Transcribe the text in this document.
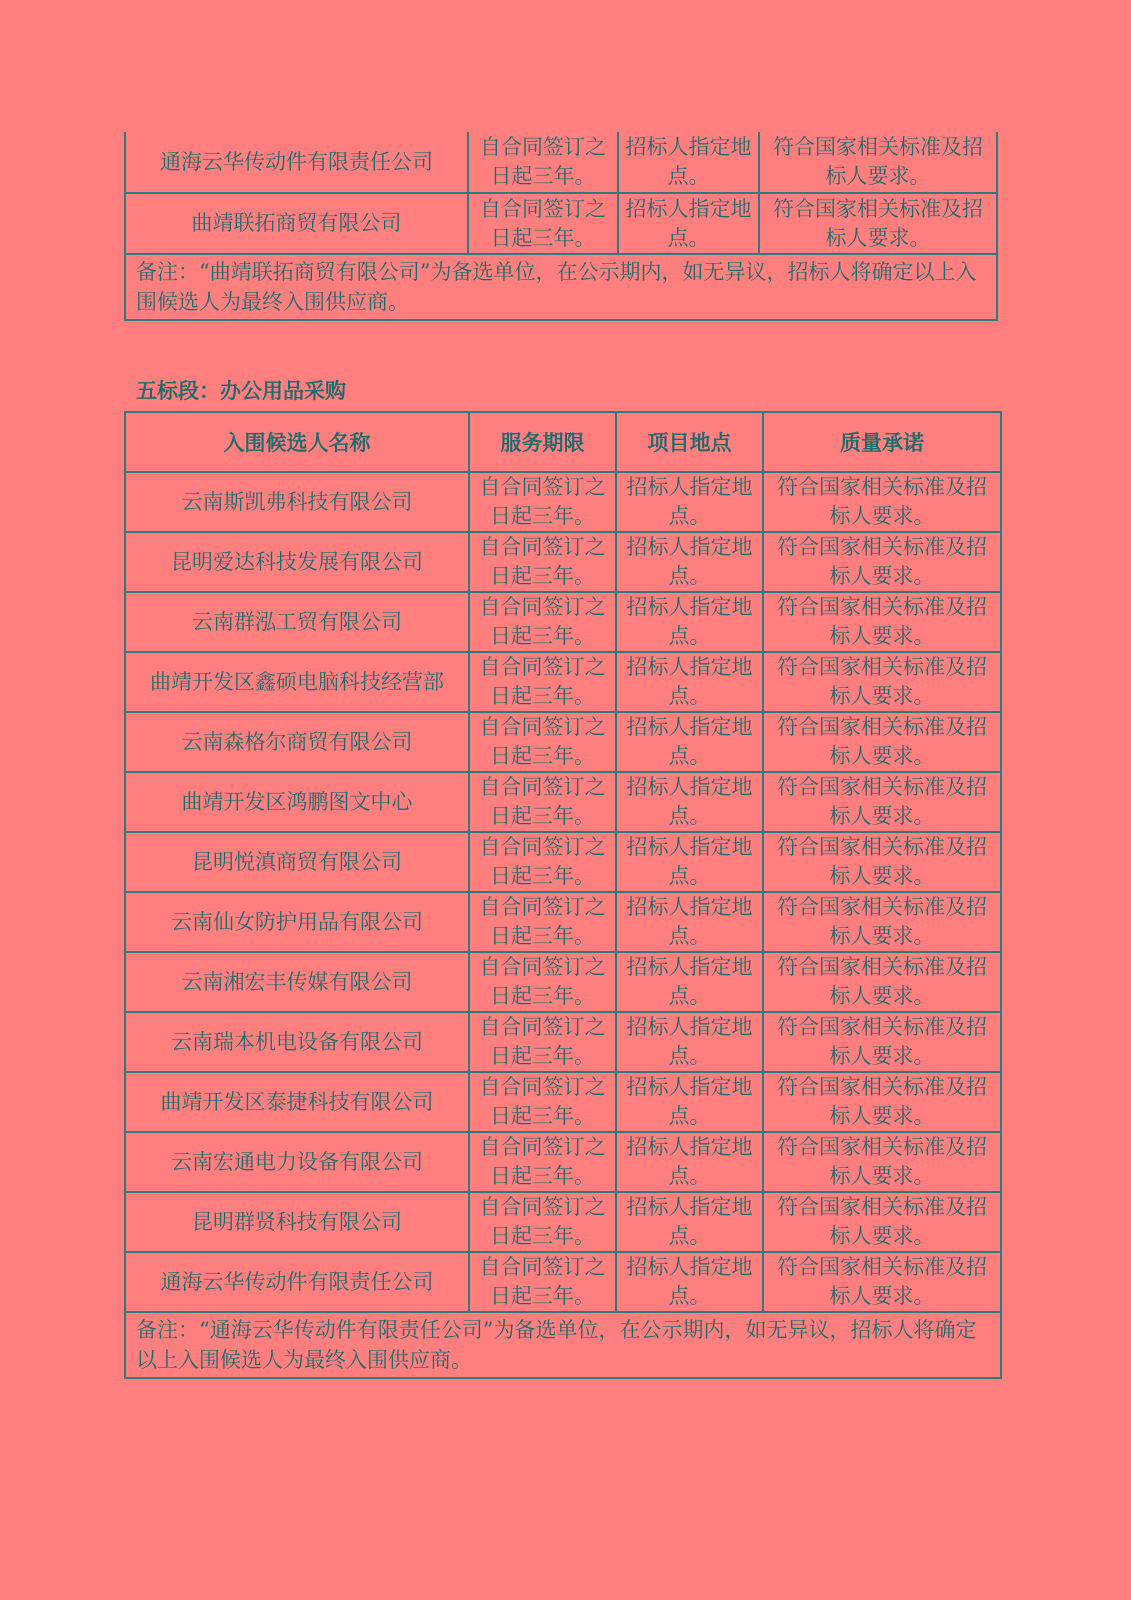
通海云华传动件有限责任公司	自合同签订之日起三年。	招标人指定地点。	符合国家相关标准及招标人要求。
曲靖联拓商贸有限公司	自合同签订之日起三年。	招标人指定地点。	符合国家相关标准及招标人要求。
备注：“曲靖联拓商贸有限公司”为备选单位，在公示期内，如无异议，招标人将确定以上入围候选人为最终入围供应商。			
五标段：办公用品采购
入围候选人名称	服务期限	项目地点	质量承诺
云南斯凯弗科技有限公司	自合同签订之日起三年。	招标人指定地点。	符合国家相关标准及招标人要求。
昆明爱达科技发展有限公司	自合同签订之日起三年。	招标人指定地点。	符合国家相关标准及招标人要求。
云南群泓工贸有限公司	自合同签订之日起三年。	招标人指定地点。	符合国家相关标准及招标人要求。
曲靖开发区鑫硕电脑科技经营部	自合同签订之日起三年。	招标人指定地点。	符合国家相关标准及招标人要求。
云南森格尔商贸有限公司	自合同签订之日起三年。	招标人指定地点。	符合国家相关标准及招标人要求。
曲靖开发区鸿鹏图文中心	自合同签订之日起三年。	招标人指定地点。	符合国家相关标准及招标人要求。
昆明悦滇商贸有限公司	自合同签订之日起三年。	招标人指定地点。	符合国家相关标准及招标人要求。
云南仙女防护用品有限公司	自合同签订之日起三年。	招标人指定地点。	符合国家相关标准及招标人要求。
云南湘宏丰传媒有限公司	自合同签订之日起三年。	招标人指定地点。	符合国家相关标准及招标人要求。
云南瑞本机电设备有限公司	自合同签订之日起三年。	招标人指定地点。	符合国家相关标准及招标人要求。
曲靖开发区泰捷科技有限公司	自合同签订之日起三年。	招标人指定地点。	符合国家相关标准及招标人要求。
云南宏通电力设备有限公司	自合同签订之日起三年。	招标人指定地点。	符合国家相关标准及招标人要求。
昆明群贤科技有限公司	自合同签订之日起三年。	招标人指定地点。	符合国家相关标准及招标人要求。
通海云华传动件有限责任公司	自合同签订之日起三年。	招标人指定地点。	符合国家相关标准及招标人要求。
备注：“通海云华传动件有限责任公司”为备选单位，在公示期内，如无异议，招标人将确定以上入围候选人为最终入围供应商。			
